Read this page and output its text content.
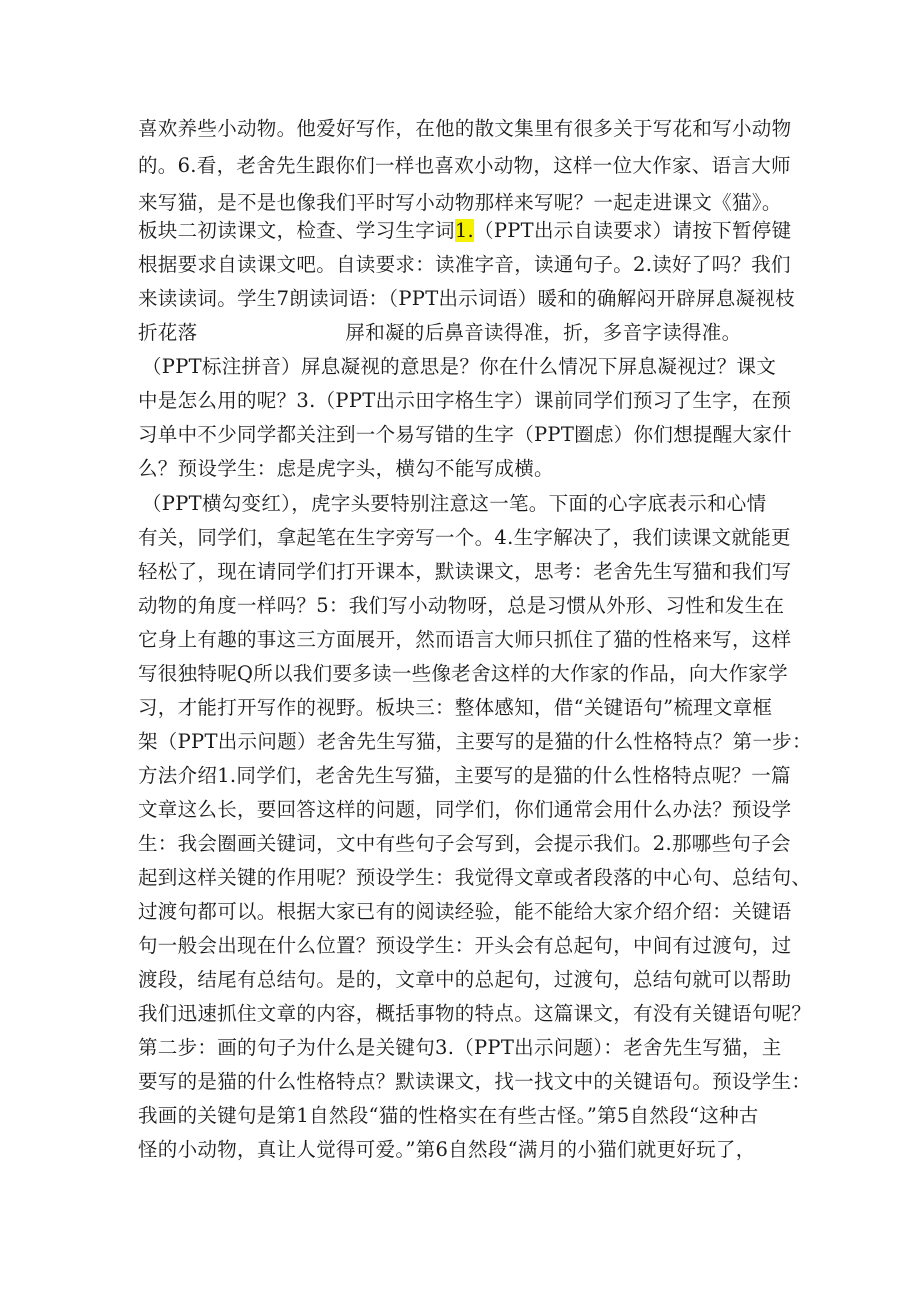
喜欢养些小动物。他爱好写作，在他的散文集里有很多关于写花和写小动物
的。6.看，老舍先生跟你们一样也喜欢小动物，这样一位大作家、语言大师
来写猫，是不是也像我们平时写小动物那样来写呢？一起走进课文《猫》。
板块二初读课文，检查、学习生字词1.（PPT出示自读要求）请按下暂停键
根据要求自读课文吧。自读要求：读准字音，读通句子。2.读好了吗？我们
来读读词。学生7朗读词语：（PPT出示词语）暖和的确解闷开辟屏息凝视枝
折花落	屏和凝的后鼻音读得准，折，多音字读得准。
（PPT标注拼音）屏息凝视的意思是？你在什么情况下屏息凝视过？课文
中是怎么用的呢？3.（PPT出示田字格生字）课前同学们预习了生字，在预
习单中不少同学都关注到一个易写错的生字（PPT圈虑）你们想提醒大家什
么？预设学生：虑是虎字头，横勾不能写成横。
（PPT横勾变红），虎字头要特别注意这一笔。下面的心字底表示和心情
有关，同学们，拿起笔在生字旁写一个。4.生字解决了，我们读课文就能更
轻松了，现在请同学们打开课本，默读课文，思考：老舍先生写猫和我们写
动物的角度一样吗？5：我们写小动物呀，总是习惯从外形、习性和发生在
它身上有趣的事这三方面展开，然而语言大师只抓住了猫的性格来写，这样
写很独特呢Q所以我们要多读一些像老舍这样的大作家的作品，向大作家学
习，才能打开写作的视野。板块三：整体感知，借“关键语句”梳理文章框
架（PPT出示问题）老舍先生写猫，主要写的是猫的什么性格特点？第一步：
方法介绍1.同学们，老舍先生写猫，主要写的是猫的什么性格特点呢？一篇
文章这么长，要回答这样的问题，同学们，你们通常会用什么办法？预设学
生：我会圈画关键词，文中有些句子会写到，会提示我们。2.那哪些句子会
起到这样关键的作用呢？预设学生：我觉得文章或者段落的中心句、总结句、
过渡句都可以。根据大家已有的阅读经验，能不能给大家介绍介绍：关键语
句一般会出现在什么位置？预设学生：开头会有总起句，中间有过渡句，过
渡段，结尾有总结句。是的，文章中的总起句，过渡句，总结句就可以帮助
我们迅速抓住文章的内容，概括事物的特点。这篇课文，有没有关键语句呢？
第二步：画的句子为什么是关键句3.（PPT出示问题）：老舍先生写猫，主
要写的是猫的什么性格特点？默读课文，找一找文中的关键语句。预设学生：
我画的关键句是第1自然段“猫的性格实在有些古怪。”第5自然段“这种古
怪的小动物，真让人觉得可爱。”第6自然段“满月的小猫们就更好玩了，
